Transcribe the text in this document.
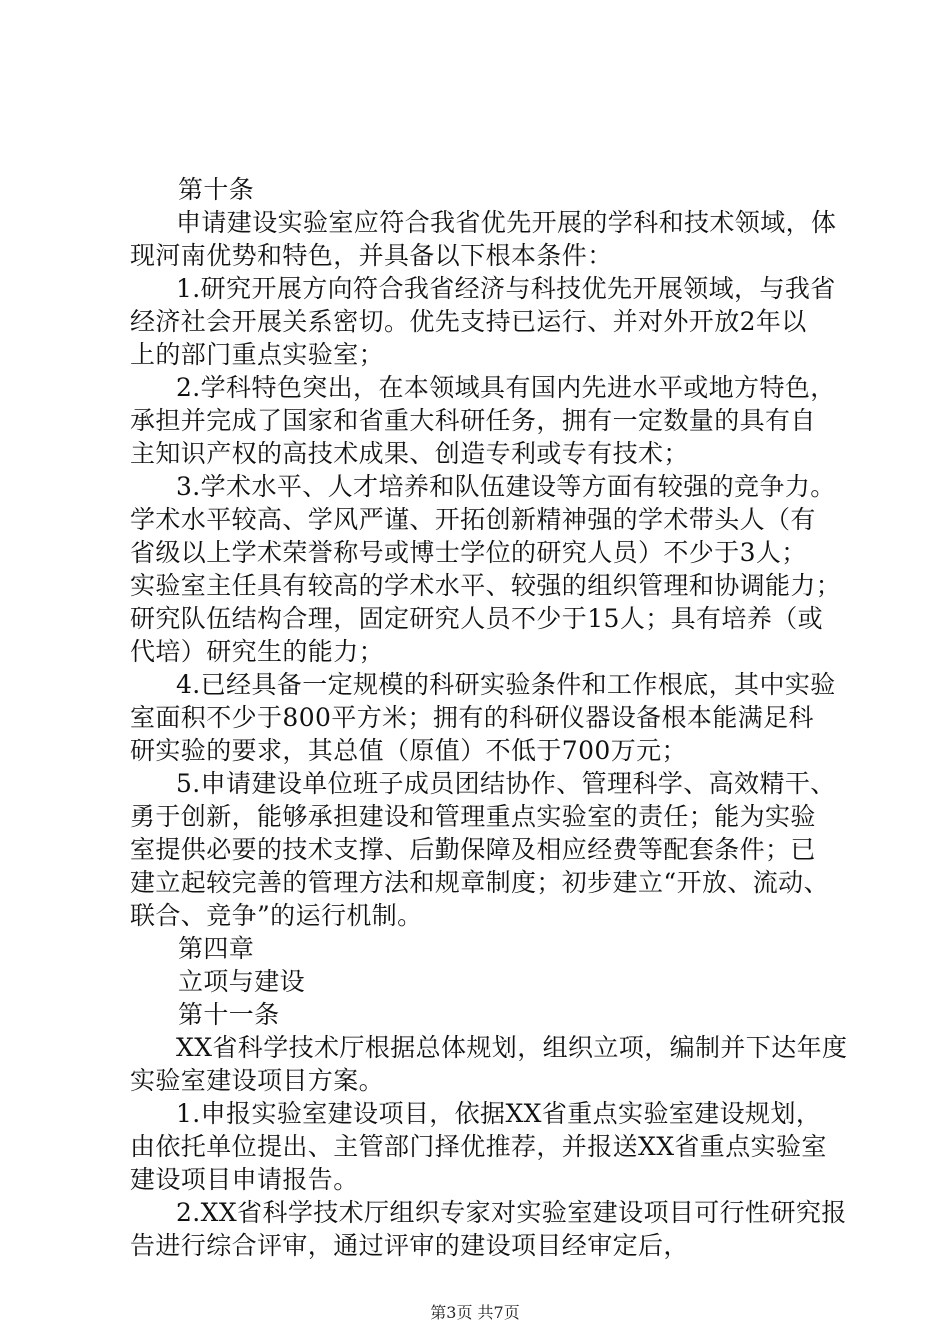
第十条
申请建设实验室应符合我省优先开展的学科和技术领域，体
现河南优势和特色，并具备以下根本条件：
1.研究开展方向符合我省经济与科技优先开展领域，与我省
经济社会开展关系密切。优先支持已运行、并对外开放2年以
上的部门重点实验室；
2.学科特色突出，在本领域具有国内先进水平或地方特色，
承担并完成了国家和省重大科研任务，拥有一定数量的具有自
主知识产权的高技术成果、创造专利或专有技术；
3.学术水平、人才培养和队伍建设等方面有较强的竞争力。
学术水平较高、学风严谨、开拓创新精神强的学术带头人（有
省级以上学术荣誉称号或博士学位的研究人员）不少于3人；
实验室主任具有较高的学术水平、较强的组织管理和协调能力；
研究队伍结构合理，固定研究人员不少于15人；具有培养（或
代培）研究生的能力；
4.已经具备一定规模的科研实验条件和工作根底，其中实验
室面积不少于800平方米；拥有的科研仪器设备根本能满足科
研实验的要求，其总值（原值）不低于700万元；
5.申请建设单位班子成员团结协作、管理科学、高效精干、
勇于创新，能够承担建设和管理重点实验室的责任；能为实验
室提供必要的技术支撑、后勤保障及相应经费等配套条件；已
建立起较完善的管理方法和规章制度；初步建立“开放、流动、
联合、竞争”的运行机制。
第四章
立项与建设
第十一条
XX省科学技术厅根据总体规划，组织立项，编制并下达年度
实验室建设项目方案。
1.申报实验室建设项目，依据XX省重点实验室建设规划，
由依托单位提出、主管部门择优推荐，并报送XX省重点实验室
建设项目申请报告。
2.XX省科学技术厅组织专家对实验室建设项目可行性研究报
告进行综合评审，通过评审的建设项目经审定后，
第3页 共7页
